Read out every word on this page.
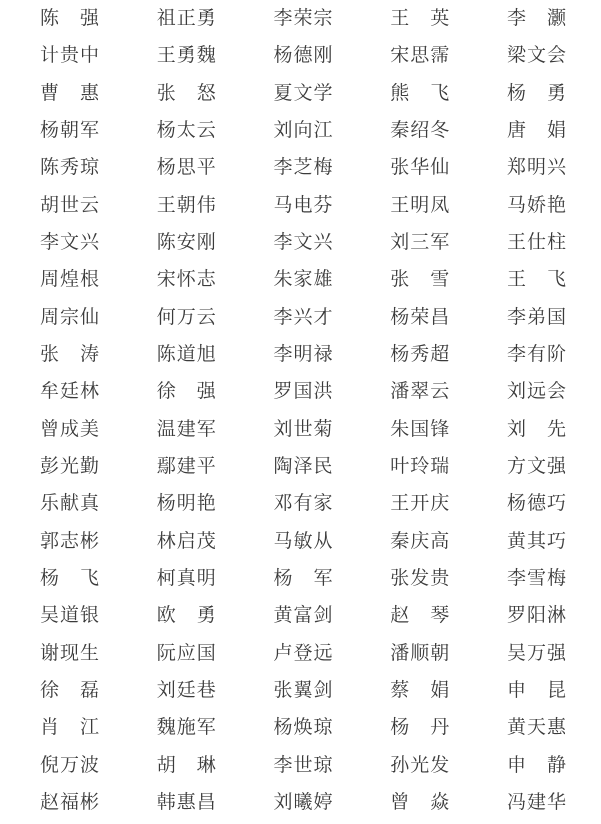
陈　强	祖正勇	李荣宗	王　英	李　灏
计贵中	王勇魏	杨德刚	宋思霈	梁文会
曹　惠	张　怒	夏文学	熊　飞	杨　勇
杨朝军	杨太云	刘向江	秦绍冬	唐　娟
陈秀琼	杨思平	李芝梅	张华仙	郑明兴
胡世云	王朝伟	马电芬	王明凤	马娇艳
李文兴	陈安刚	李文兴	刘三军	王仕柱
周煌根	宋怀志	朱家雄	张　雪	王　飞
周宗仙	何万云	李兴才	杨荣昌	李弟国
张　涛	陈道旭	李明禄	杨秀超	李有阶
牟廷林	徐　强	罗国洪	潘翠云	刘远会
曾成美	温建军	刘世菊	朱国锋	刘　先
彭光勤	鄢建平	陶泽民	叶玲瑞	方文强
乐献真	杨明艳	邓有家	王开庆	杨德巧
郭志彬	林启茂	马敏从	秦庆高	黄其巧
杨　飞	柯真明	杨　军	张发贵	李雪梅
吴道银	欧　勇	黄富剑	赵　琴	罗阳淋
谢现生	阮应国	卢登远	潘顺朝	吴万强
徐　磊	刘廷巷	张翼剑	蔡　娟	申　昆
肖　江	魏施军	杨焕琼	杨　丹	黄天惠
倪万波	胡　琳	李世琼	孙光发	申　静
赵福彬	韩惠昌	刘曦婷	曾　焱	冯建华
